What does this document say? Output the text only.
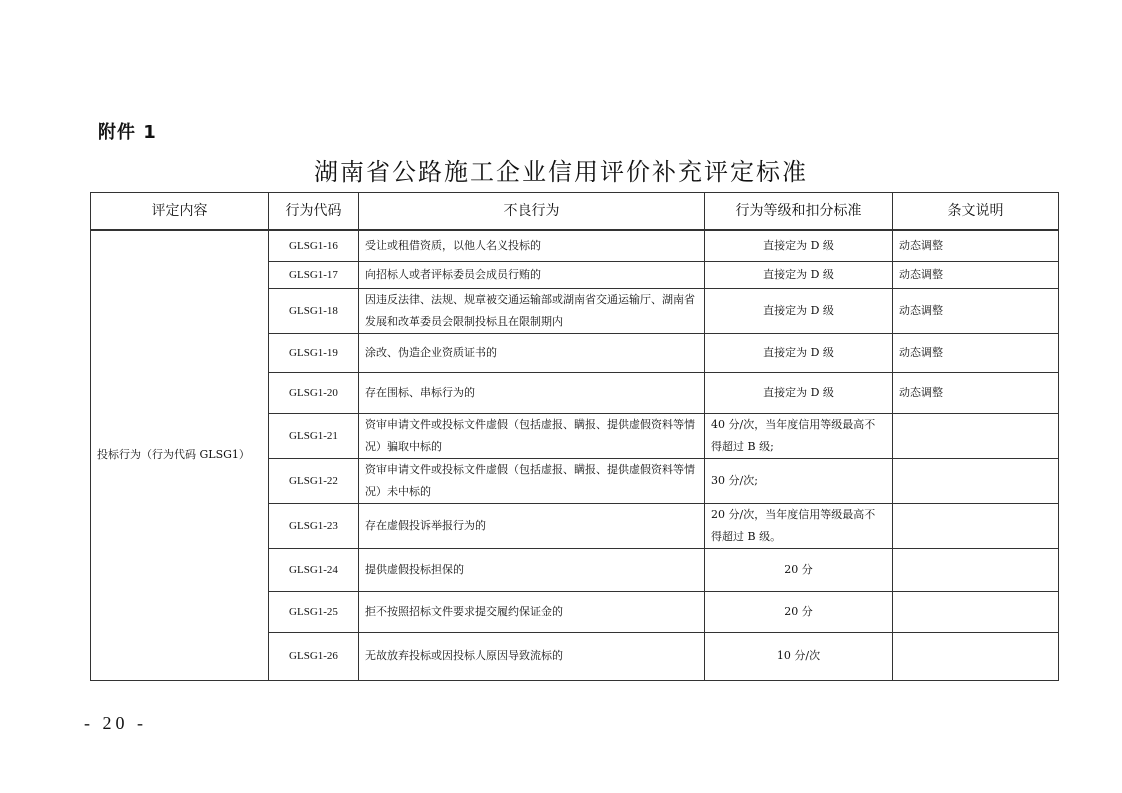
附件 1
湖南省公路施工企业信用评价补充评定标准
评定内容	行为代码	不良行为	行为等级和扣分标准	条文说明
投标行为（行为代码 GLSG1）	GLSG1-16	受让或租借资质，以他人名义投标的	直接定为 D 级	动态调整
	GLSG1-17	向招标人或者评标委员会成员行贿的	直接定为 D 级	动态调整
	GLSG1-18	因违反法律、法规、规章被交通运输部或湖南省交通运输厅、湖南省发展和改革委员会限制投标且在限制期内	直接定为 D 级	动态调整
	GLSG1-19	涂改、伪造企业资质证书的	直接定为 D 级	动态调整
	GLSG1-20	存在围标、串标行为的	直接定为 D 级	动态调整
	GLSG1-21	资审申请文件或投标文件虚假（包括虚报、瞒报、提供虚假资料等情况）骗取中标的	40 分/次，当年度信用等级最高不得超过 B 级;	
	GLSG1-22	资审申请文件或投标文件虚假（包括虚报、瞒报、提供虚假资料等情况）未中标的	30 分/次;	
	GLSG1-23	存在虚假投诉举报行为的	20 分/次，当年度信用等级最高不得超过 B 级。	
	GLSG1-24	提供虚假投标担保的	20 分	
	GLSG1-25	拒不按照招标文件要求提交履约保证金的	20 分	
	GLSG1-26	无故放弃投标或因投标人原因导致流标的	10 分/次	
- 20 -
